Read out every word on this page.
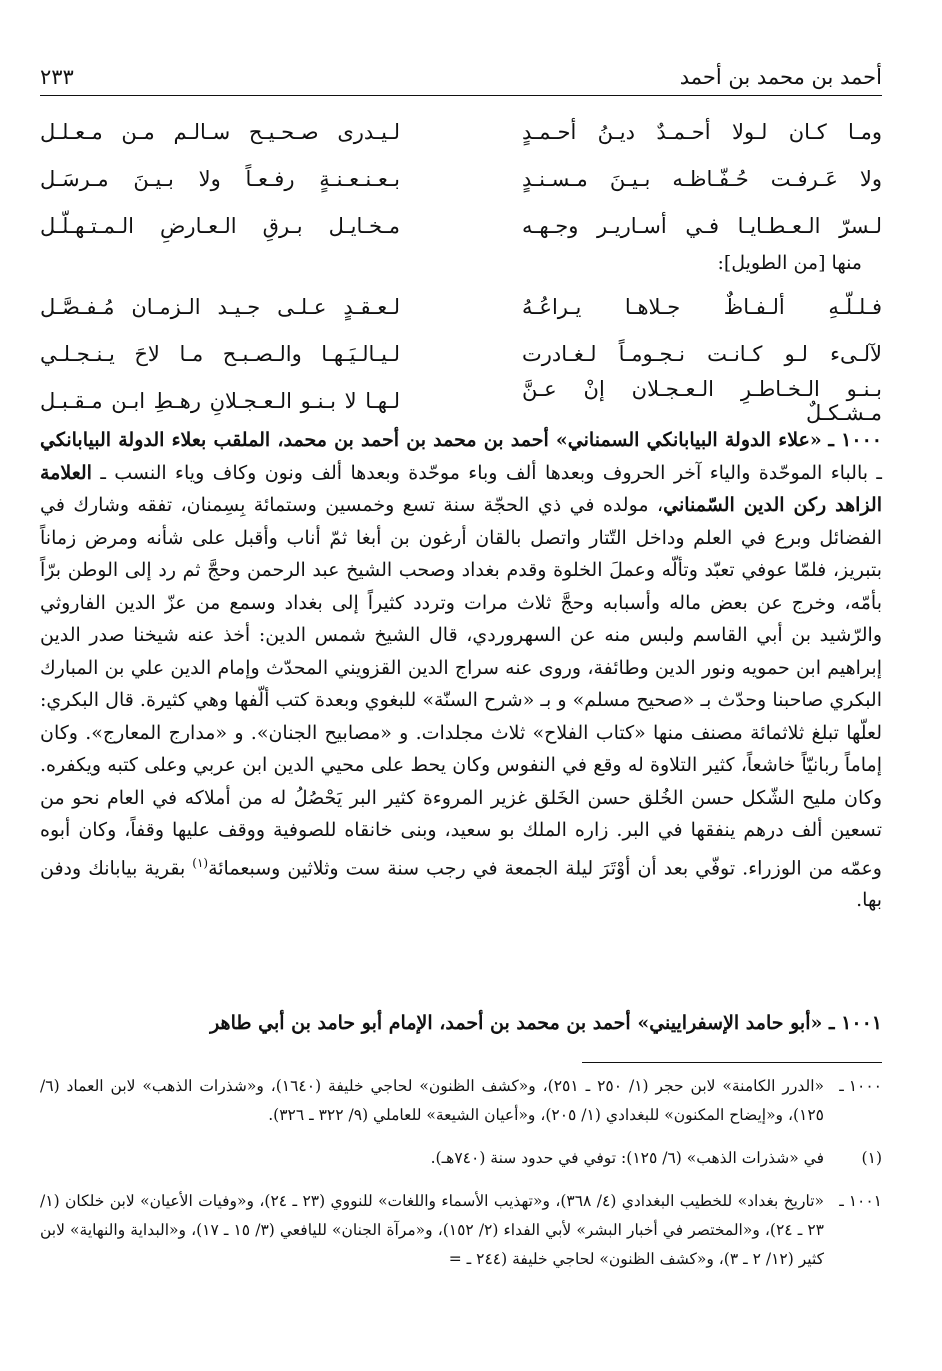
أحمد بن محمد بن أحمد
٢٣٣
ومـا كـان لـولا أحـمـدٌ ديـنُ أحـمـدٍ
لـيـدرى صـحـيـح سـالـم مـن مـعـلـل
ولا عَـرفـت حُـفّـاظـه بـيـنَ مـسـنـدٍ
بـعـنـعـنـةٍ رفـعـاً ولا بـيـنَ مـرسَـل
لـسرّ الـعـطـايـا فـي أسـاريـر وجـهـه
مـخـايـل بـرقِ الـعـارضِ الـمـتـهـلّـل
منها [من الطويل]:
فـلـلّـهِ ألـفـاظٌ جـلاهـا يـراعُـهُ
لـعـقـدٍ عـلـى جـيـد الـزمـان مُـفـصَّـل
لآلـىء لـو كـانـت نـجـومـاً لـغـادرت
لـيـالـيَـهـا والـصـبـح مـا لاحَ يـنـجـلـي
بـنـو الـخـاطـرِ الـعـجـلان إنْ عـنَّ مـشـكـلٌ
لـهـا لا بـنـو الـعـجـلانِ رهـطِ ابـن مـقـبـل

١٠٠٠ ـ «علاء الدولة البيابانكي السمناني» أحمد بن محمد بن أحمد بن محمد، الملقب بعلاء الدولة البيابانكي ـ بالباء الموحّدة والياء آخر الحروف وبعدها ألف وباء موحّدة وبعدها ألف ونون وكاف وياء النسب ـ العلامة الزاهد ركن الدين السّمناني، مولده في ذي الحجّة سنة تسع وخمسين وستمائة بِسِمنان، تفقه وشارك في الفضائل وبرع في العلم وداخل التّتار واتصل بالقان أرغون بن أبغا ثمّ أناب وأقبل على شأنه ومرض زماناً بتبريز، فلمّا عوفي تعبّد وتألّه وعملَ الخلوة وقدم بغداد وصحب الشيخ عبد الرحمن وحجَّ ثم رد إلى الوطن برّاً بأمّه، وخرج عن بعض ماله وأسبابه وحجَّ ثلاث مرات وتردد كثيراً إلى بغداد وسمع من عزّ الدين الفاروثي والرّشيد بن أبي القاسم ولبس منه عن السهروردي، قال الشيخ شمس الدين: أخذ عنه شيخنا صدر الدين إبراهيم ابن حمويه ونور الدين وطائفة، وروى عنه سراج الدين القزويني المحدّث وإمام الدين علي بن المبارك البكري صاحبنا وحدّث بـ «صحيح مسلم» و بـ «شرح السنّة» للبغوي وبعدة كتب ألّفها وهي كثيرة. قال البكري: لعلّها تبلغ ثلاثمائة مصنف منها «كتاب الفلاح» ثلاث مجلدات. و «مصابيح الجنان». و «مدارج المعارج». وكان إماماً ربانيّاً خاشعاً، كثير التلاوة له وقع في النفوس وكان يحط على محيي الدين ابن عربي وعلى كتبه ويكفره. وكان مليح الشّكل حسن الخُلق حسن الخَلق غزير المروءة كثير البر يَحْصُلُ له من أملاكه في العام نحو من تسعين ألف درهم ينفقها في البر. زاره الملك بو سعيد، وبنى خانقاه للصوفية ووقف عليها وقفاً، وكان أبوه وعمّه من الوزراء. توفّي بعد أن أوْتَرَ ليلة الجمعة في رجب سنة ست وثلاثين وسبعمائة$^{(١)}$ بقرية بيابانك ودفن بها.

١٠٠١ ـ «أبو حامد الإسفراييني» أحمد بن محمد بن أحمد، الإمام أبو حامد بن أبي طاهر
١٠٠٠ ـ
«الدرر الكامنة» لابن حجر (١/ ٢٥٠ ـ ٢٥١)، و«كشف الظنون» لحاجي خليفة (١٦٤٠)، و«شذرات الذهب» لابن العماد (٦/ ١٢٥)، و«إيضاح المكنون» للبغدادي (١/ ٢٠٥)، و«أعيان الشيعة» للعاملي (٩/ ٣٢٢ ـ ٣٢٦).
(١)
في «شذرات الذهب» (٦/ ١٢٥): توفي في حدود سنة (٧٤٠هـ).
١٠٠١ ـ
«تاريخ بغداد» للخطيب البغدادي (٤/ ٣٦٨)، و«تهذيب الأسماء واللغات» للنووي (٢٣ ـ ٢٤)، و«وفيات الأعيان» لابن خلكان (١/ ٢٣ ـ ٢٤)، و«المختصر في أخبار البشر» لأبي الفداء (٢/ ١٥٢)، و«مرآة الجنان» لليافعي (٣/ ١٥ ـ ١٧)، و«البداية والنهاية» لابن كثير (١٢/ ٢ ـ ٣)، و«كشف الظنون» لحاجي خليفة (٢٤٤ ـ =
